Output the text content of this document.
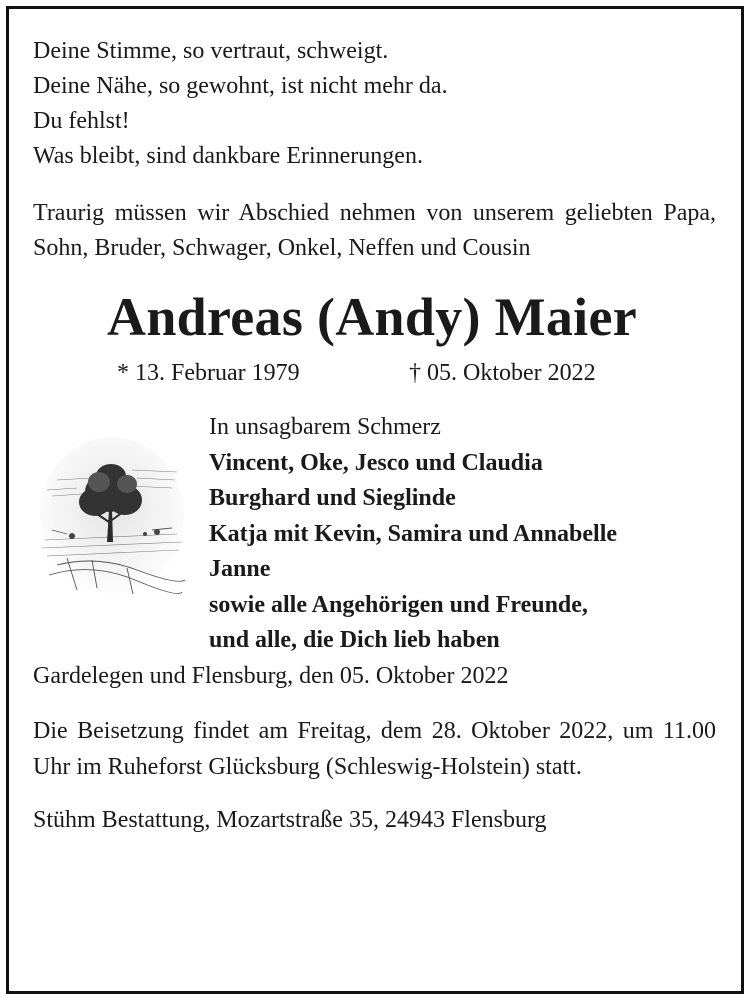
Deine Stimme, so vertraut, schweigt.
Deine Nähe, so gewohnt, ist nicht mehr da.
Du fehlst!
Was bleibt, sind dankbare Erinnerungen.
Traurig müssen wir Abschied nehmen von unserem geliebten Papa, Sohn, Bruder, Schwager, Onkel, Neffen und Cousin
Andreas (Andy) Maier
* 13. Februar 1979	† 05. Oktober 2022
In unsagbarem Schmerz
Vincent, Oke, Jesco und Claudia
Burghard und Sieglinde
Katja mit Kevin, Samira und Annabelle
Janne
sowie alle Angehörigen und Freunde,
und alle, die Dich lieb haben
Gardelegen und Flensburg, den 05. Oktober 2022
Die Beisetzung findet am Freitag, dem 28. Oktober 2022, um 11.00 Uhr im Ruheforst Glücksburg (Schleswig-Holstein) statt.
Stühm Bestattung, Mozartstraße 35, 24943 Flensburg
